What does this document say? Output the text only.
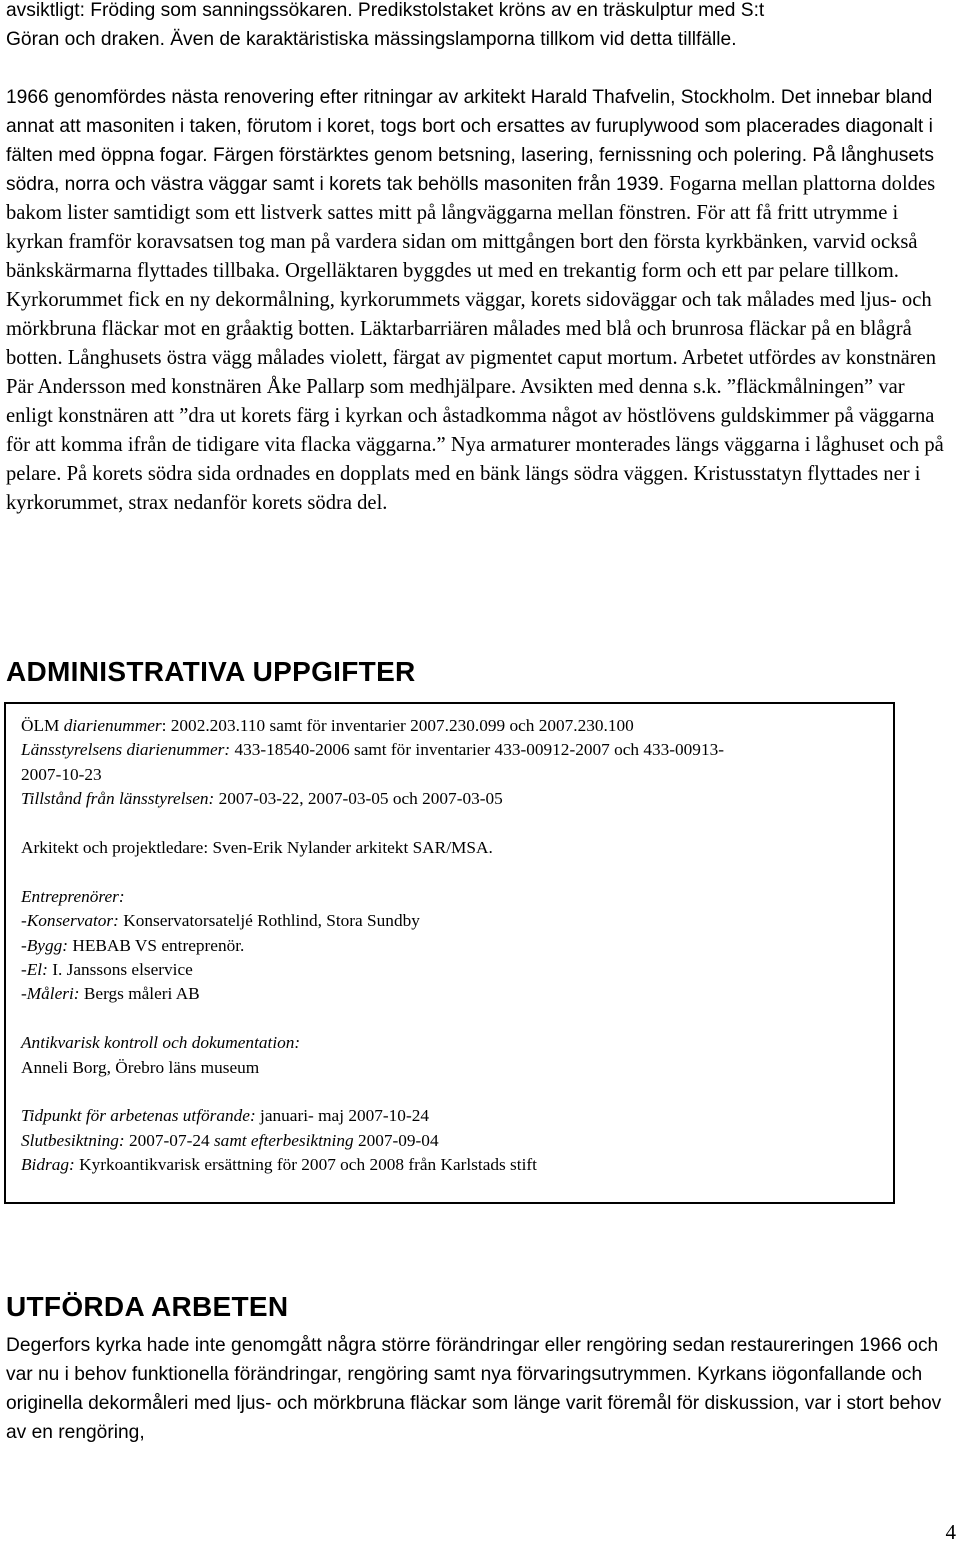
avsiktligt: Fröding som sanningssökaren. Predikstolstaket kröns av en träskulptur med S:t
Göran och draken. Även de karaktäristiska mässingslamporna tillkom vid detta tillfälle.

1966 genomfördes nästa renovering efter ritningar av arkitekt Harald Thafvelin, Stockholm. Det innebar bland annat att masoniten i taken, förutom i koret, togs bort och ersattes av furuplywood som placerades diagonalt i fälten med öppna fogar. Färgen förstärktes genom betsning, lasering, fernissning och polering. På långhusets södra, norra och västra väggar samt i korets tak behölls masoniten från 1939. Fogarna mellan plattorna doldes bakom lister samtidigt som ett listverk sattes mitt på långväggarna mellan fönstren. För att få fritt utrymme i kyrkan framför koravsatsen tog man på vardera sidan om mittgången bort den första kyrkbänken, varvid också bänkskärmarna flyttades tillbaka. Orgelläktaren byggdes ut med en trekantig form och ett par pelare tillkom. Kyrkorummet fick en ny dekormålning, kyrkorummets väggar, korets sidoväggar och tak målades med ljus- och mörkbruna fläckar mot en gråaktig botten. Läktarbarriären målades med blå och brunrosa fläckar på en blågrå botten. Långhusets östra vägg målades violett, färgat av pigmentet caput mortum. Arbetet utfördes av konstnären Pär Andersson med konstnären Åke Pallarp som medhjälpare. Avsikten med denna s.k. ”fläckmålningen” var enligt konstnären att ”dra ut korets färg i kyrkan och åstadkomma något av höstlövens guldskimmer på väggarna för att komma ifrån de tidigare vita flacka väggarna.” Nya armaturer monterades längs väggarna i låghuset och på pelare. På korets södra sida ordnades en dopplats med en bänk längs södra väggen. Kristusstatyn flyttades ner i kyrkorummet, strax nedanför korets södra del.

ADMINISTRATIVA UPPGIFTER
ÖLM diarienummer: 2002.203.110 samt för inventarier 2007.230.099 och 2007.230.100
Länsstyrelsens diarienummer: 433-18540-2006 samt för inventarier 433-00912-2007 och 433-00913-
2007-10-23
Tillstånd från länsstyrelsen: 2007-03-22, 2007-03-05 och 2007-03-05
Arkitekt och projektledare: Sven-Erik Nylander arkitekt SAR/MSA.
Entreprenörer:
-Konservator: Konservatorsateljé Rothlind, Stora Sundby
-Bygg: HEBAB VS entreprenör.
-El: I. Janssons elservice
-Måleri: Bergs måleri AB
Antikvarisk kontroll och dokumentation:
Anneli Borg, Örebro läns museum
Tidpunkt för arbetenas utförande: januari- maj 2007-10-24
Slutbesiktning: 2007-07-24 samt efterbesiktning 2007-09-04
Bidrag: Kyrkoantikvarisk ersättning för 2007 och 2008 från Karlstads stift
UTFÖRDA ARBETEN

Degerfors kyrka hade inte genomgått några större förändringar eller rengöring sedan restaureringen 1966 och var nu i behov funktionella förändringar, rengöring samt nya förvaringsutrymmen. Kyrkans iögonfallande och originella dekormåleri med ljus- och mörkbruna fläckar som länge varit föremål för diskussion, var i stort behov av en rengöring,

4
